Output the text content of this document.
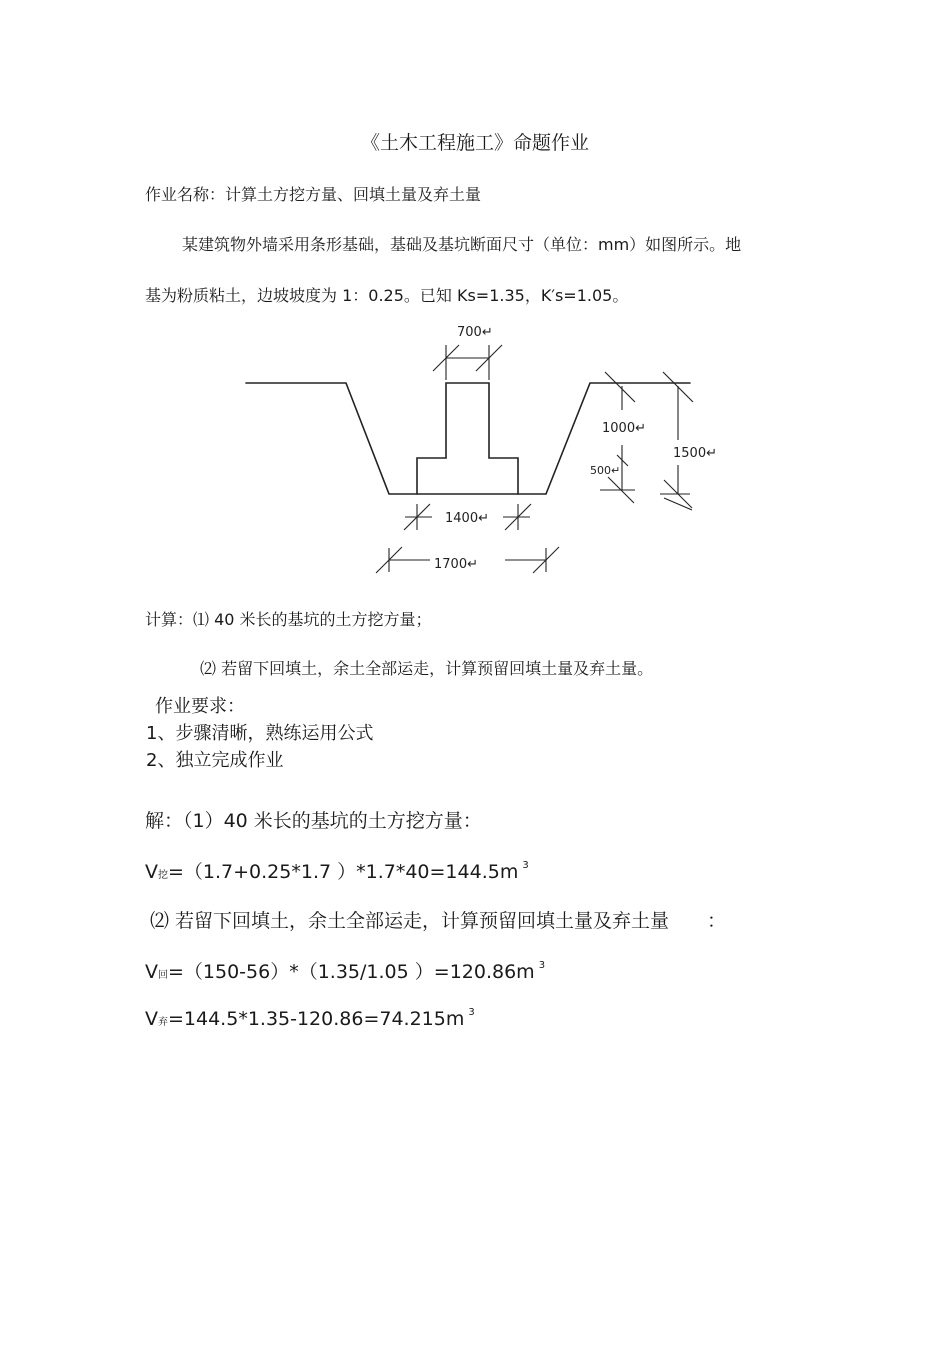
《土木工程施工》命题作业
作业名称：计算土方挖方量、回填土量及弃土量
某建筑物外墙采用条形基础，基础及基坑断面尺寸（单位：mm）如图所示。地
基为粉质粘土，边坡坡度为 1：0.25。已知 Ks=1.35，K′s=1.05。
700↵
1000↵
500↵
1500↵
1400↵
1700↵
计算：⑴ 40 米长的基坑的土方挖方量；
⑵ 若留下回填土，余土全部运走，计算预留回填土量及弃土量。
作业要求：
1、步骤清晰，熟练运用公式
2、独立完成作业
解：（1）40 米长的基坑的土方挖方量：
V挖=（1.7+0.25*1.7 ）*1.7*40=144.5m $^3$
⑵ 若留下回填土，余土全部运走，计算预留回填土量及弃土量 ：
V回=（150-56）*（1.35/1.05 ）=120.86m $^3$
V弃=144.5*1.35-120.86=74.215m $^3$
